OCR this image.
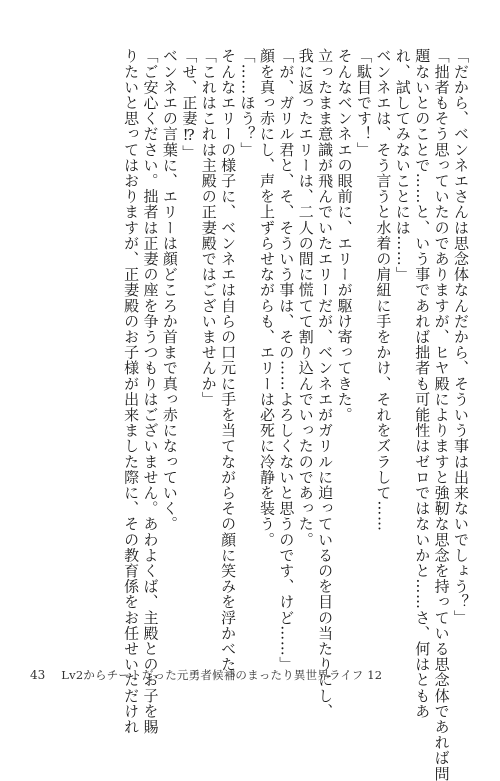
「だから、ベンネエさんは思念体なんだから、そういう事は出来ないでしょう？」
「拙者もそう思っていたのでありますが、ヒヤ殿によりますと強靭な思念を持っている思念体であれば問
題ないとのことで……と、いう事であれば拙者も可能性はゼロではないかと……さ、何はともあ
れ、試してみないことには……」
ベンネエは、そう言うと水着の肩紐に手をかけ、それをズラして……
「駄目です！」
そんなベンネエの眼前に、エリーが駆け寄ってきた。
立ったまま意識が飛んでいたエリーだが、ベンネエがガリルに迫っているのを目の当たりにし、
我に返ったエリーは、二人の間に慌てて割り込んでいったのであった。
「が、ガリル君と、そ、そういう事は、その……よろしくないと思うのです、けど……」
顔を真っ赤にし、声を上ずらせながらも、エリーは必死に冷静を装う。
「……ほう？」
そんなエリーの様子に、ベンネエは自らの口元に手を当てながらその顔に笑みを浮かべた。
「これはこれは主殿の正妻殿ではございませんか」
「せ、正妻⁉」
ベンネエの言葉に、エリーは顔どころか首まで真っ赤になっていく。
「ご安心ください。拙者は正妻の座を争うつもりはございません。あわよくば、主殿とのお子を賜
りたいと思ってはおりますが、正妻殿のお子様が出来ました際に、その教育係をお任せいただけれ
43 Lv2からチートだった元勇者候補のまったり異世界ライフ 12
